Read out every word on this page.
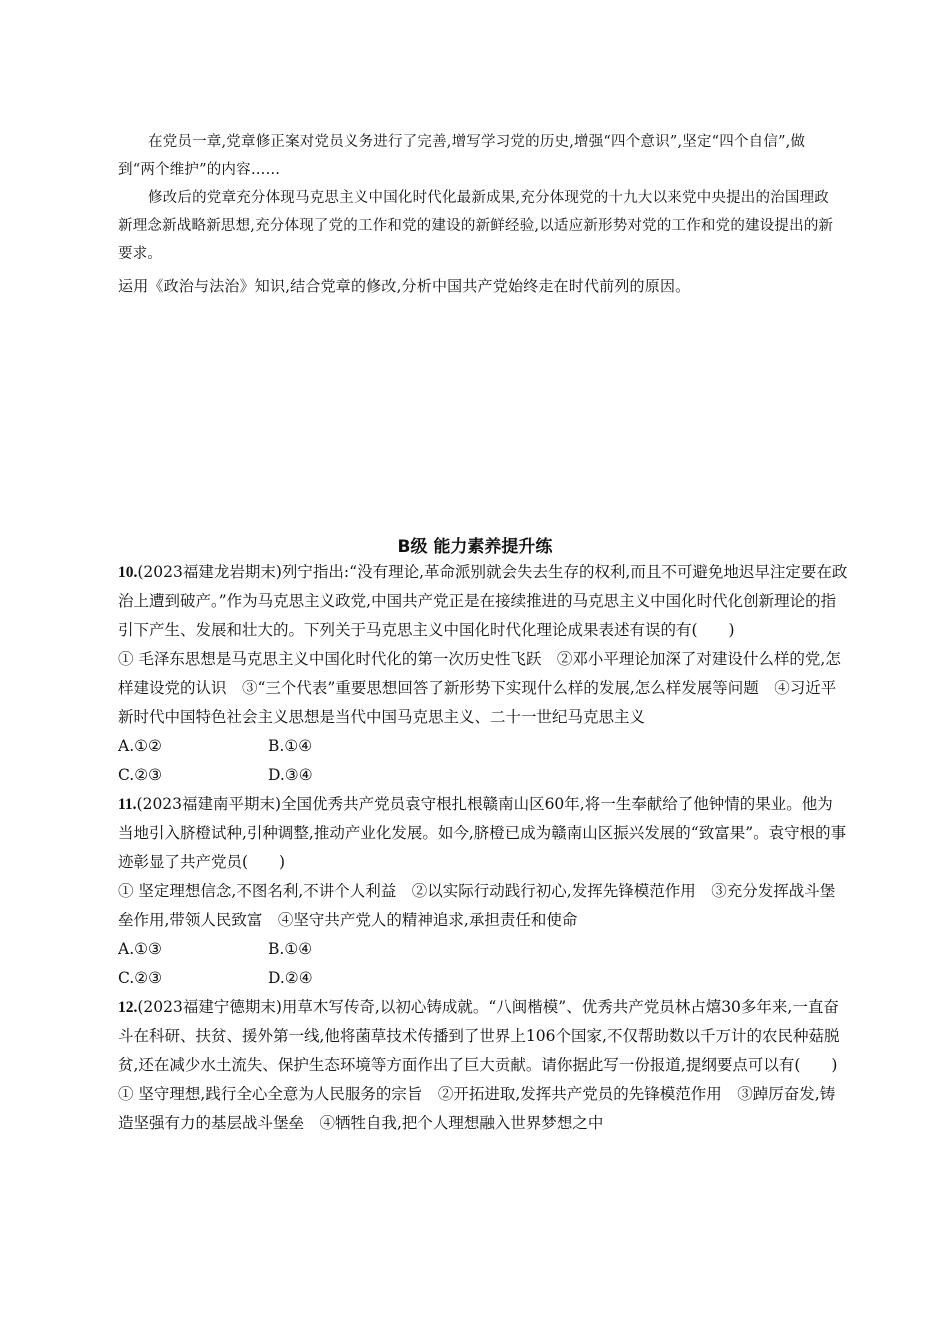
在党员一章,党章修正案对党员义务进行了完善,增写学习党的历史,增强“四个意识”,坚定“四个自信”,做到“两个维护”的内容……

修改后的党章充分体现马克思主义中国化时代化最新成果,充分体现党的十九大以来党中央提出的治国理政新理念新战略新思想,充分体现了党的工作和党的建设的新鲜经验,以适应新形势对党的工作和党的建设提出的新要求。

运用《政治与法治》知识,结合党章的修改,分析中国共产党始终走在时代前列的原因。

B级 能力素养提升练

10.(2023福建龙岩期末)列宁指出:“没有理论,革命派别就会失去生存的权利,而且不可避免地迟早注定要在政治上遭到破产。”作为马克思主义政党,中国共产党正是在接续推进的马克思主义中国化时代化创新理论的指引下产生、发展和壮大的。下列关于马克思主义中国化时代化理论成果表述有误的有(　　)

① 毛泽东思想是马克思主义中国化时代化的第一次历史性飞跃　②邓小平理论加深了对建设什么样的党,怎样建设党的认识　③“三个代表”重要思想回答了新形势下实现什么样的发展,怎么样发展等问题　④习近平新时代中国特色社会主义思想是当代中国马克思主义、二十一世纪马克思主义

A.①②	B.①④
C.②③	D.③④

11.(2023福建南平期末)全国优秀共产党员袁守根扎根赣南山区60年,将一生奉献给了他钟情的果业。他为当地引入脐橙试种,引种调整,推动产业化发展。如今,脐橙已成为赣南山区振兴发展的“致富果”。袁守根的事迹彰显了共产党员(　　)

① 坚定理想信念,不图名利,不讲个人利益　②以实际行动践行初心,发挥先锋模范作用　③充分发挥战斗堡垒作用,带领人民致富　④坚守共产党人的精神追求,承担责任和使命

A.①③	B.①④
C.②③	D.②④

12.(2023福建宁德期末)用草木写传奇,以初心铸成就。“八闽楷模”、优秀共产党员林占熺30多年来,一直奋斗在科研、扶贫、援外第一线,他将菌草技术传播到了世界上106个国家,不仅帮助数以千万计的农民种菇脱贫,还在减少水土流失、保护生态环境等方面作出了巨大贡献。请你据此写一份报道,提纲要点可以有(　　)

① 坚守理想,践行全心全意为人民服务的宗旨　②开拓进取,发挥共产党员的先锋模范作用　③踔厉奋发,铸造坚强有力的基层战斗堡垒　④牺牲自我,把个人理想融入世界梦想之中
